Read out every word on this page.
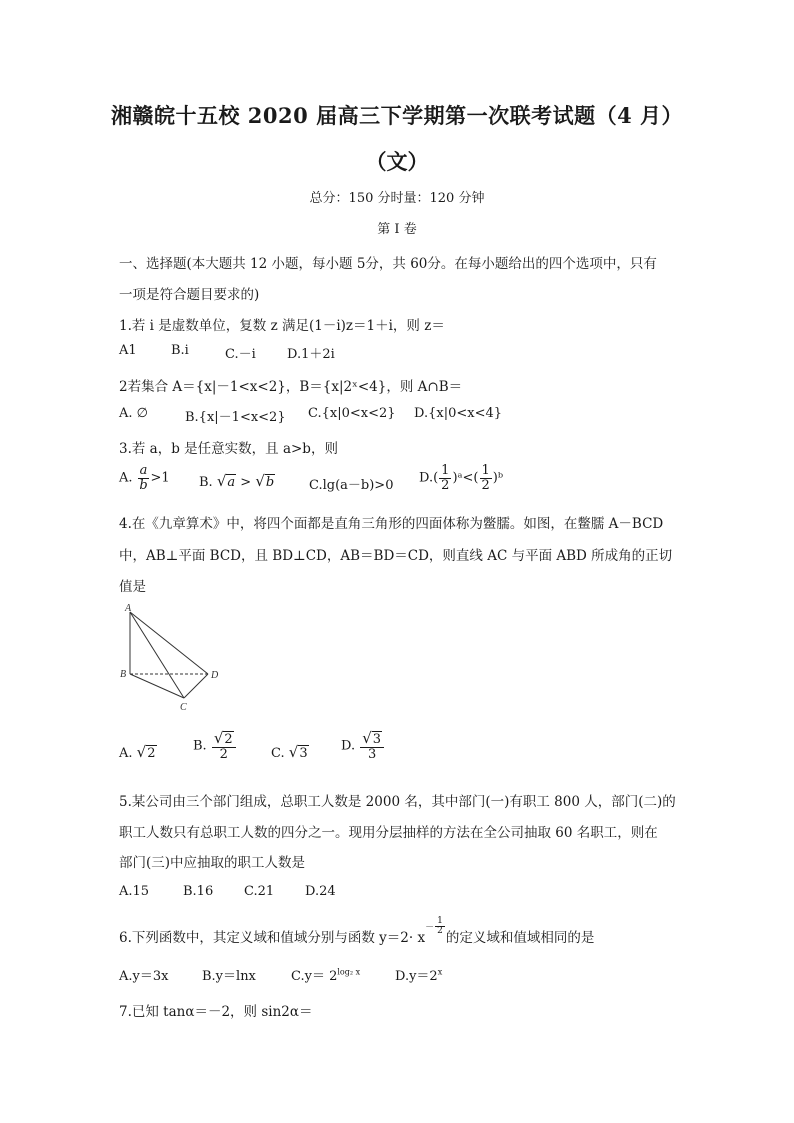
湘赣皖十五校 2020 届高三下学期第一次联考试题（4 月）
（文）
总分：150 分时量：120 分钟
第 I 卷
一、选择题(本大题共 12 小题，每小题 5分，共 60分。在每小题给出的四个选项中，只有
一项是符合题目要求的)
1.若 i 是虚数单位，复数 z 满足(1－i)z＝1＋i，则 z＝
A1	B.i	C.－i D.1＋2i
2若集合 A＝{x|－1<x<2}，B＝{x|2ˣ<4}，则 A∩B＝
A. ∅	B.{x|－1<x<2} C.{x|0<x<2} D.{x|0<x<4}
3.若 a，b 是任意实数，且 a>b，则
A. $\frac{a}{b} >1$ B. √a > √b	C.lg(a－b)>0 $D.( \frac{1}{2}$ )ᵃ<( $\frac{1}{2}$ )ᵇ
4.在《九章算术》中，将四个面都是直角三角形的四面体称为鳖臑。如图，在鳖臑 A－BCD
中，AB⊥平面 BCD，且 BD⊥CD，AB＝BD＝CD，则直线 AC 与平面 ABD 所成角的正切
值是
A
B
C
D
A. √2	B. $\frac{√2}{2}$	C. √3	D. $\frac{√3}{3}$
5.某公司由三个部门组成，总职工人数是 2000 名，其中部门(一)有职工 800 人，部门(二)的
职工人数只有总职工人数的四分之一。现用分层抽样的方法在全公司抽取 60 名职工，则在
部门(三)中应抽取的职工人数是
A.15	B.16 C.21 D.24
6.下列函数中，其定义域和值域分别与函数 $y=2\cdot x- \frac{1}{2}$
的定义域和值域相同的是
A.y＝3x	B.y＝lnx	$C.y= 2^{log_2 x}$	$D.y=2^x$
7.已知 tanα＝－2，则 sin2α＝
